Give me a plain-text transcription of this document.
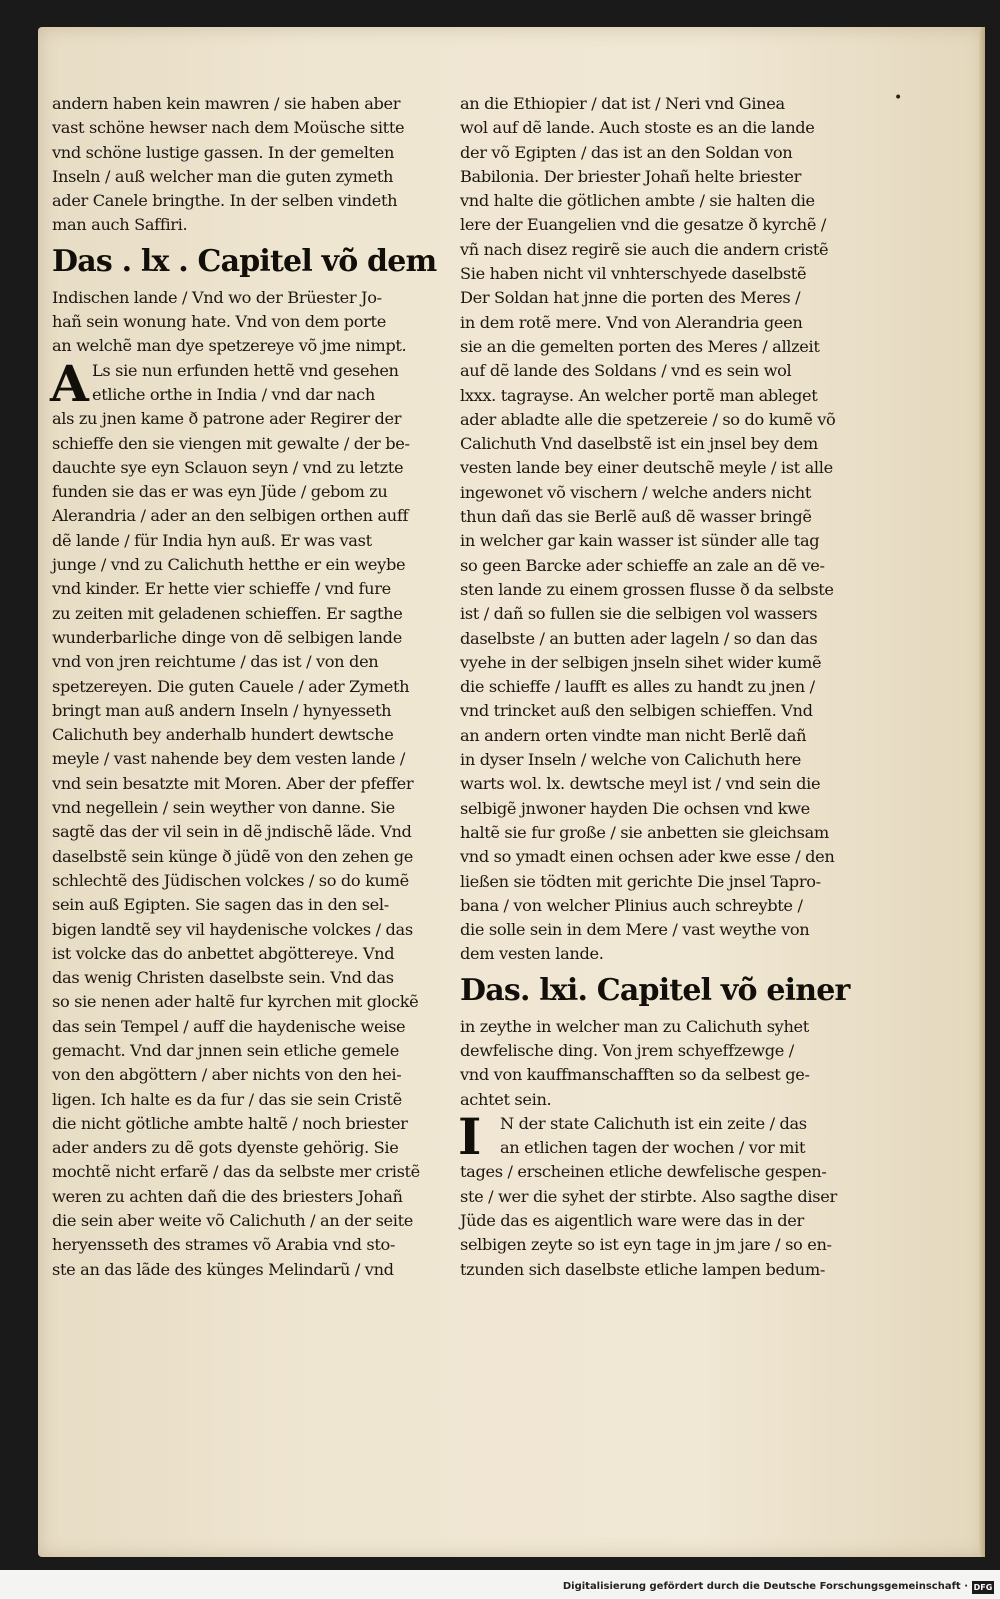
andern haben kein mawren / sie haben aber
vast schöne hewser nach dem Moüsche sitte
vnd schöne lustige gassen. In der gemelten
Inseln / auß welcher man die guten zymeth
ader Canele bringthe. In der selben vindeth
man auch Saffiri.
Das . lx . Capitel võ dem
Indischen lande / Vnd wo der Brüester Jo-
hañ sein wonung hate. Vnd von dem porte
an welchẽ man dye spetzereye võ jme nimpt.
A Ls sie nun erfunden hettẽ vnd gesehen
etliche orthe in India / vnd dar nach
als zu jnen kame ð patrone ader Regirer der
schieffe den sie viengen mit gewalte / der be-
dauchte sye eyn Sclauon seyn / vnd zu letzte
funden sie das er was eyn Jüde / gebom zu
Alerandria / ader an den selbigen orthen auff
dẽ lande / für India hyn auß. Er was vast
junge / vnd zu Calichuth hetthe er ein weybe
vnd kinder. Er hette vier schieffe / vnd fure
zu zeiten mit geladenen schieffen. Er sagthe
wunderbarliche dinge von dẽ selbigen lande
vnd von jren reichtume / das ist / von den
spetzereyen. Die guten Cauele / ader Zymeth
bringt man auß andern Inseln / hynyesseth
Calichuth bey anderhalb hundert dewtsche
meyle / vast nahende bey dem vesten lande /
vnd sein besatzte mit Moren. Aber der pfeffer
vnd negellein / sein weyther von danne. Sie
sagtẽ das der vil sein in dẽ jndischẽ lãde. Vnd
daselbstẽ sein künge ð jüdẽ von den zehen ge
schlechtẽ des Jüdischen volckes / so do kumẽ
sein auß Egipten. Sie sagen das in den sel-
bigen landtẽ sey vil haydenische volckes / das
ist volcke das do anbettet abgöttereye. Vnd
das wenig Christen daselbste sein. Vnd das
so sie nenen ader haltẽ fur kyrchen mit glockẽ
das sein Tempel / auff die haydenische weise
gemacht. Vnd dar jnnen sein etliche gemele
von den abgöttern / aber nichts von den hei-
ligen. Ich halte es da fur / das sie sein Cristẽ
die nicht götliche ambte haltẽ / noch briester
ader anders zu dẽ gots dyenste gehörig. Sie
mochtẽ nicht erfarẽ / das da selbste mer cristẽ
weren zu achten dañ die des briesters Johañ
die sein aber weite võ Calichuth / an der seite
heryensseth des strames võ Arabia vnd sto-
ste an das lãde des künges Melindarũ / vnd
an die Ethiopier / dat ist / Neri vnd Ginea
wol auf dẽ lande. Auch stoste es an die lande
der võ Egipten / das ist an den Soldan von
Babilonia. Der briester Johañ helte briester
vnd halte die götlichen ambte / sie halten die
lere der Euangelien vnd die gesatze ð kyrchẽ /
vñ nach disez regirẽ sie auch die andern cristẽ
Sie haben nicht vil vnhterschyede daselbstẽ
Der Soldan hat jnne die porten des Meres /
in dem rotẽ mere. Vnd von Alerandria geen
sie an die gemelten porten des Meres / allzeit
auf dẽ lande des Soldans / vnd es sein wol
lxxx. tagrayse. An welcher portẽ man ableget
ader abladte alle die spetzereie / so do kumẽ võ
Calichuth Vnd daselbstẽ ist ein jnsel bey dem
vesten lande bey einer deutschẽ meyle / ist alle
ingewonet võ vischern / welche anders nicht
thun dañ das sie Berlẽ auß dẽ wasser bringẽ
in welcher gar kain wasser ist sünder alle tag
so geen Barcke ader schieffe an zale an dẽ ve-
sten lande zu einem grossen flusse ð da selbste
ist / dañ so fullen sie die selbigen vol wassers
daselbste / an butten ader lageln / so dan das
vyehe in der selbigen jnseln sihet wider kumẽ
die schieffe / laufft es alles zu handt zu jnen /
vnd trincket auß den selbigen schieffen. Vnd
an andern orten vindte man nicht Berlẽ dañ
in dyser Inseln / welche von Calichuth here
warts wol. lx. dewtsche meyl ist / vnd sein die
selbigẽ jnwoner hayden Die ochsen vnd kwe
haltẽ sie fur große / sie anbetten sie gleichsam
vnd so ymadt einen ochsen ader kwe esse / den
ließen sie tödten mit gerichte Die jnsel Tapro-
bana / von welcher Plinius auch schreybte /
die solle sein in dem Mere / vast weythe von
dem vesten lande.
Das. lxi. Capitel võ einer
in zeythe in welcher man zu Calichuth syhet
dewfelische ding. Von jrem schyeffzewge /
vnd von kauffmanschafften so da selbest ge-
achtet sein.
I	N der state Calichuth ist ein zeite / das
an etlichen tagen der wochen / vor mit
tages / erscheinen etliche dewfelische gespen-
ste / wer die syhet der stirbte. Also sagthe diser
Jüde das es aigentlich ware were das in der
selbigen zeyte so ist eyn tage in jm jare / so en-
tzunden sich daselbste etliche lampen bedum-
•
Digitalisierung gefördert durch die Deutsche Forschungsgemeinschaft · DFG
